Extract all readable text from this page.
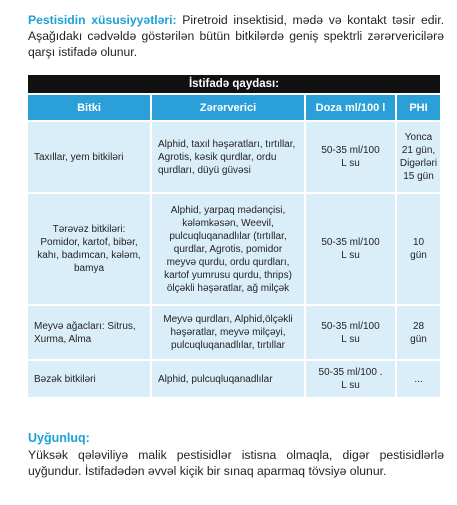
Pestisidin xüsusiyyətləri: Piretroid insektisid, mədə və kontakt təsir edir. Aşağıdakı cədvəldə göstərilən bütün bitkilərdə geniş spektrli zərərvericilərə qarşı istifadə olunur.

İstifadə qaydası:			
Bitki	Zərərverici	Doza ml/100 l	PHI
Taxıllar, yem bitkiləri	Alphid, taxıl həşəratları, tırtıllar, Agrotis, kəsik qurdlar, ordu qurdları, düyü güvəsi	50-35 ml/100 L su	Yonca 21 gün, Digərləri 15 gün

Tərəvəz bitkiləri: Pomidor, kartof, bibər, kahı, badımcan, kələm, bamya	Alphid, yarpaq mədənçisi, kələmkəsən, Weevil, pulcuqluqanadlılar (tırtıllar, qurdlar, Agrotis, pomidor meyvə qurdu, ordu qurdları, kartof yumrusu qurdu, thrips) ölçəkli həşəratlar, ağ milçək	50-35 ml/100 L su	10 gün

Meyvə ağacları: Sitrus, Xurma, Alma	Meyvə qurdları, Alphid,ölçəkli həşəratlar, meyvə milçəyi, pulcuqluqanadlılar, tırtıllar	50-35 ml/100 L su	28 gün

Bəzək bitkiləri	Alphid, pulcuqluqanadlılar	50-35 ml/100 . L su	...
Uyğunluq:

Yüksək qələviliyə malik pestisidlər istisna olmaqla, digər pestisidlərlə uyğundur. İstifadədən əvvəl kiçik bir sınaq aparmaq tövsiyə olunur.
